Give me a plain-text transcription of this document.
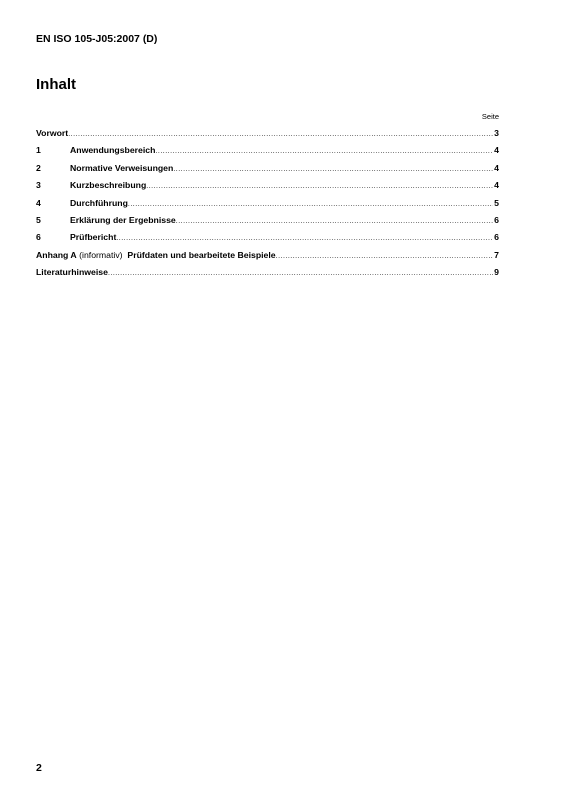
EN ISO 105-J05:2007 (D)
Inhalt
Seite
Vorwort .....	3
1	Anwendungsbereich .....	4
2	Normative Verweisungen .....	4
3	Kurzbeschreibung .....	4
4	Durchführung .....	5
5	Erklärung der Ergebnisse .....	6
6	Prüfbericht .....	6
Anhang A (informativ) Prüfdaten und bearbeitete Beispiele .....	7
Literaturhinweise .....	9
2
